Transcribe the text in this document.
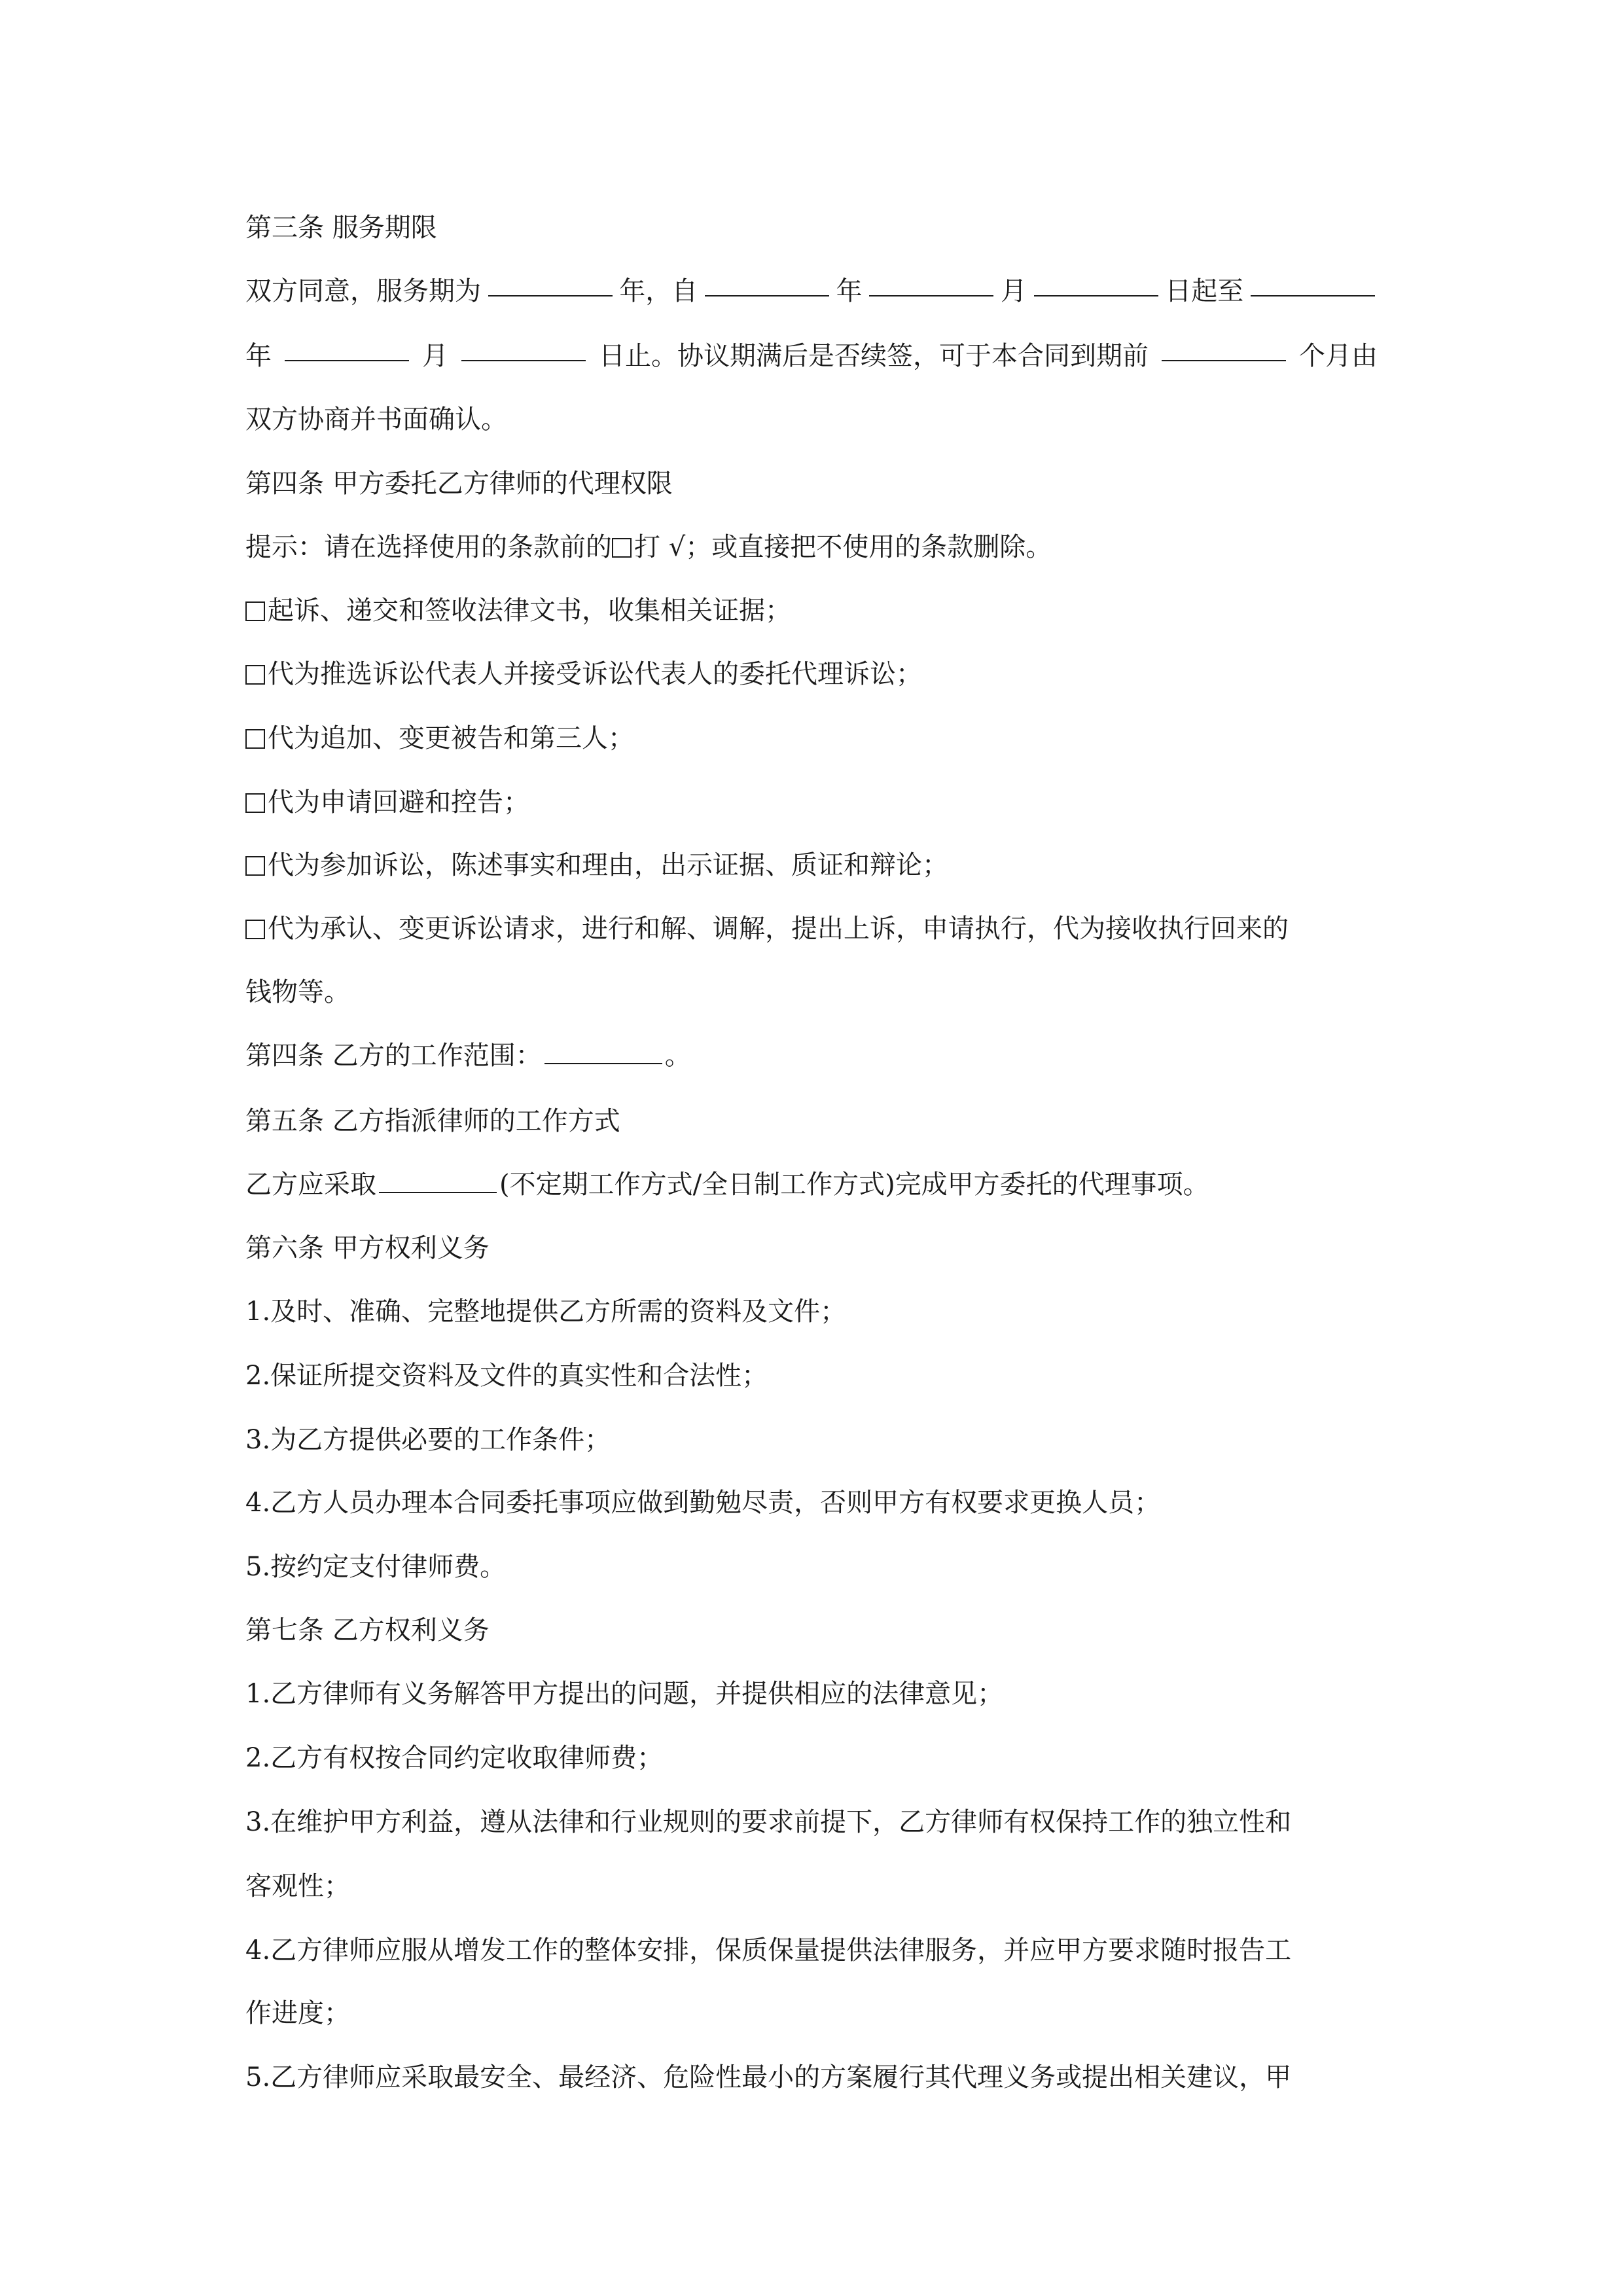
第三条 服务期限
双方同意，服务期为	年，自	年	月	日起至
年	月	日止。协议期满后是否续签，可于本合同到期前	个月由
双方协商并书面确认。
第四条 甲方委托乙方律师的代理权限
提示：请在选择使用的条款前的 打 √；或直接把不使用的条款删除。
起诉、递交和签收法律文书，收集相关证据；
代为推选诉讼代表人并接受诉讼代表人的委托代理诉讼；
代为追加、变更被告和第三人；
代为申请回避和控告；
代为参加诉讼，陈述事实和理由，出示证据、质证和辩论；
代为承认、变更诉讼请求，进行和解、调解，提出上诉，申请执行，代为接收执行回来的
钱物等。
第四条 乙方的工作范围：	。
第五条 乙方指派律师的工作方式
乙方应采取	(不定期工作方式/全日制工作方式)完成甲方委托的代理事项。
第六条 甲方权利义务
1.及时、准确、完整地提供乙方所需的资料及文件；
2.保证所提交资料及文件的真实性和合法性；
3.为乙方提供必要的工作条件；
4.乙方人员办理本合同委托事项应做到勤勉尽责，否则甲方有权要求更换人员；
5.按约定支付律师费。
第七条 乙方权利义务
1.乙方律师有义务解答甲方提出的问题，并提供相应的法律意见；
2.乙方有权按合同约定收取律师费；
3.在维护甲方利益，遵从法律和行业规则的要求前提下，乙方律师有权保持工作的独立性和
客观性；
4.乙方律师应服从增发工作的整体安排，保质保量提供法律服务，并应甲方要求随时报告工
作进度；
5.乙方律师应采取最安全、最经济、危险性最小的方案履行其代理义务或提出相关建议，甲
